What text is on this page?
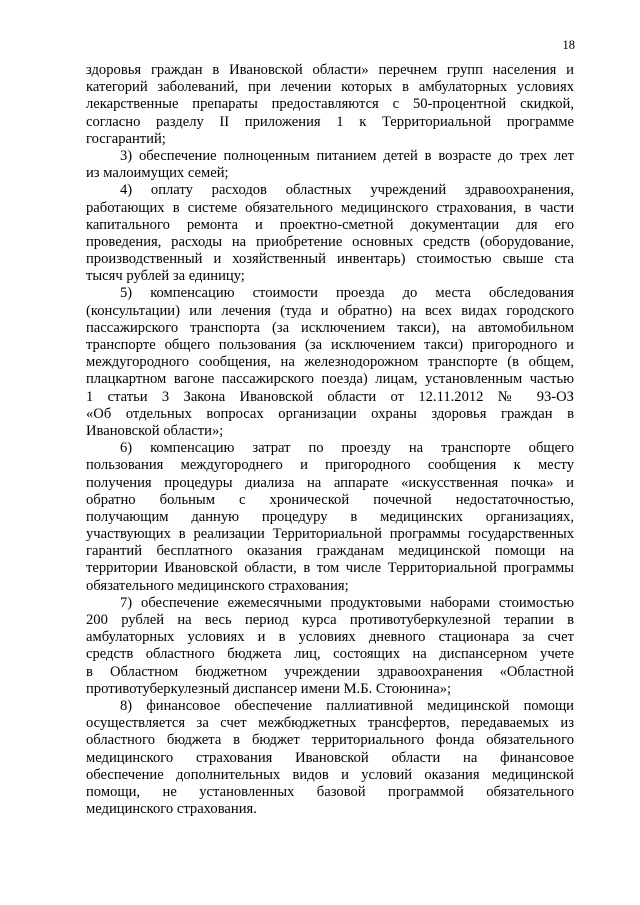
18
здоровья граждан в Ивановской области» перечнем групп населения и
категорий заболеваний, при лечении которых в амбулаторных условиях
лекарственные препараты предоставляются с 50-процентной скидкой,
согласно разделу II приложения 1 к Территориальной программе
госгарантий;
3) обеспечение полноценным питанием детей в возрасте до трех лет
из малоимущих семей;
4) оплату расходов областных учреждений здравоохранения,
работающих в системе обязательного медицинского страхования, в части
капитального ремонта и проектно-сметной документации для его
проведения, расходы на приобретение основных средств (оборудование,
производственный и хозяйственный инвентарь) стоимостью свыше ста
тысяч рублей за единицу;
5) компенсацию стоимости проезда до места обследования
(консультации) или лечения (туда и обратно) на всех видах городского
пассажирского транспорта (за исключением такси), на автомобильном
транспорте общего пользования (за исключением такси) пригородного и
междугородного сообщения, на железнодорожном транспорте (в общем,
плацкартном вагоне пассажирского поезда) лицам, установленным частью
1 статьи 3 Закона Ивановской области от 12.11.2012 № 93-ОЗ
«Об отдельных вопросах организации охраны здоровья граждан в
Ивановской области»;
6) компенсацию затрат по проезду на транспорте общего
пользования междугороднего и пригородного сообщения к месту
получения процедуры диализа на аппарате «искусственная почка» и
обратно больным с хронической почечной недостаточностью,
получающим данную процедуру в медицинских организациях,
участвующих в реализации Территориальной программы государственных
гарантий бесплатного оказания гражданам медицинской помощи на
территории Ивановской области, в том числе Территориальной программы
обязательного медицинского страхования;
7) обеспечение ежемесячными продуктовыми наборами стоимостью
200 рублей на весь период курса противотуберкулезной терапии в
амбулаторных условиях и в условиях дневного стационара за счет
средств областного бюджета лиц, состоящих на диспансерном учете
в Областном бюджетном учреждении здравоохранения «Областной
противотуберкулезный диспансер имени М.Б. Стоюнина»;
8) финансовое обеспечение паллиативной медицинской помощи
осуществляется за счет межбюджетных трансфертов, передаваемых из
областного бюджета в бюджет территориального фонда обязательного
медицинского страхования Ивановской области на финансовое
обеспечение дополнительных видов и условий оказания медицинской
помощи, не установленных базовой программой обязательного
медицинского страхования.
